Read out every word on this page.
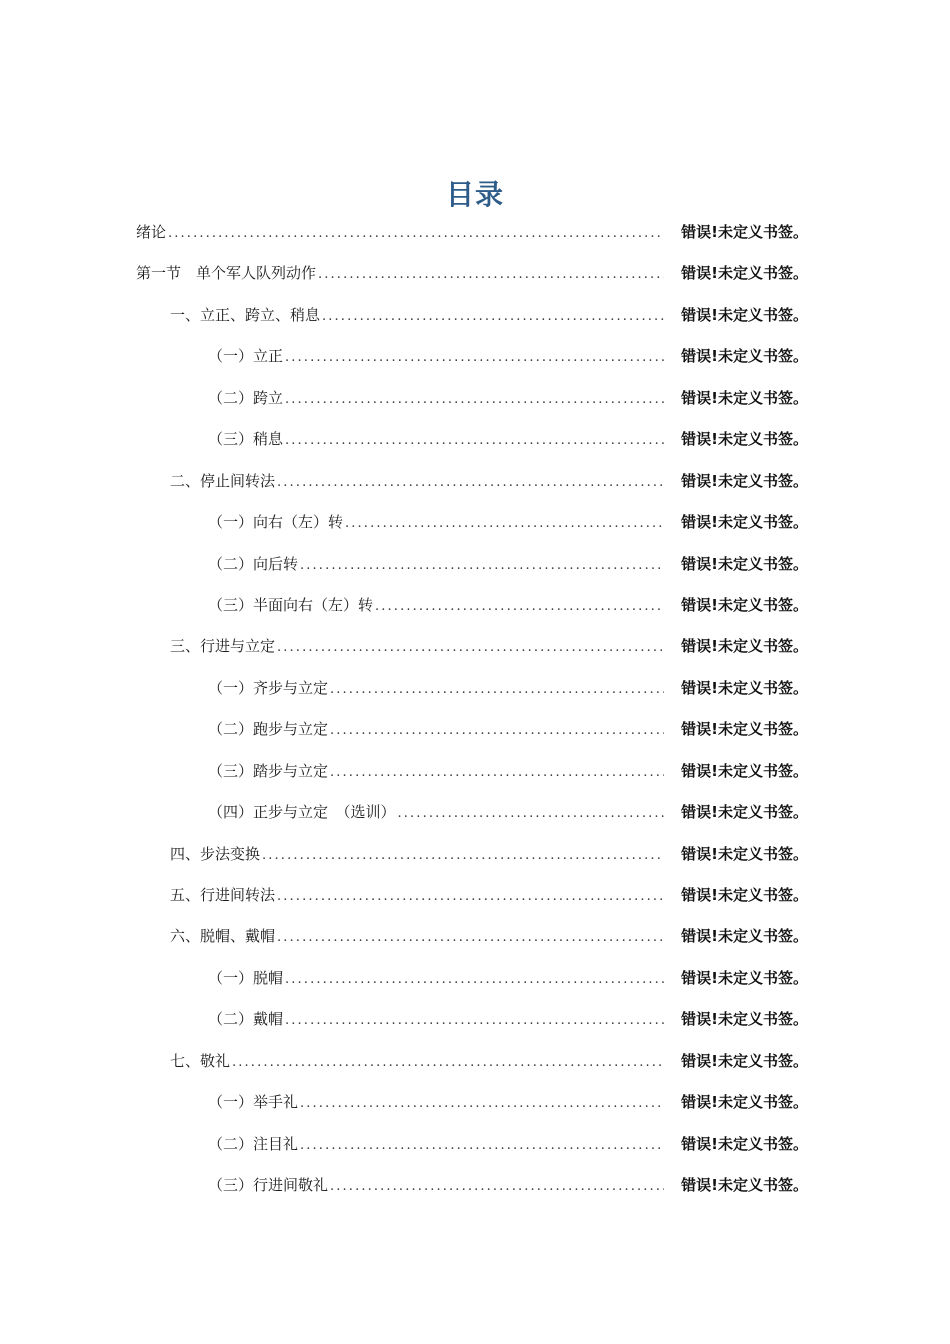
目录
绪论 . . .	错误!未定义书签。
第一节　单个军人队列动作 . . .	错误!未定义书签。
一、立正、跨立、稍息 . . .	错误!未定义书签。
（一）立正 . . .	错误!未定义书签。
（二）跨立 . . .	错误!未定义书签。
（三）稍息 . . .	错误!未定义书签。
二、停止间转法 . . .	错误!未定义书签。
（一）向右（左）转 . . .	错误!未定义书签。
（二）向后转 . . .	错误!未定义书签。
（三）半面向右（左）转 . . .	错误!未定义书签。
三、行进与立定 . . .	错误!未定义书签。
（一）齐步与立定 . . .	错误!未定义书签。
（二）跑步与立定 . . .	错误!未定义书签。
（三）踏步与立定 . . .	错误!未定义书签。
（四）正步与立定　（选训） . . .	错误!未定义书签。
四、步法变换 . . .	错误!未定义书签。
五、行进间转法 . . .	错误!未定义书签。
六、脱帽、戴帽 . . .	错误!未定义书签。
（一）脱帽 . . .	错误!未定义书签。
（二）戴帽 . . .	错误!未定义书签。
七、敬礼 . . .	错误!未定义书签。
（一）举手礼 . . .	错误!未定义书签。
（二）注目礼 . . .	错误!未定义书签。
（三）行进间敬礼 . . .	错误!未定义书签。
